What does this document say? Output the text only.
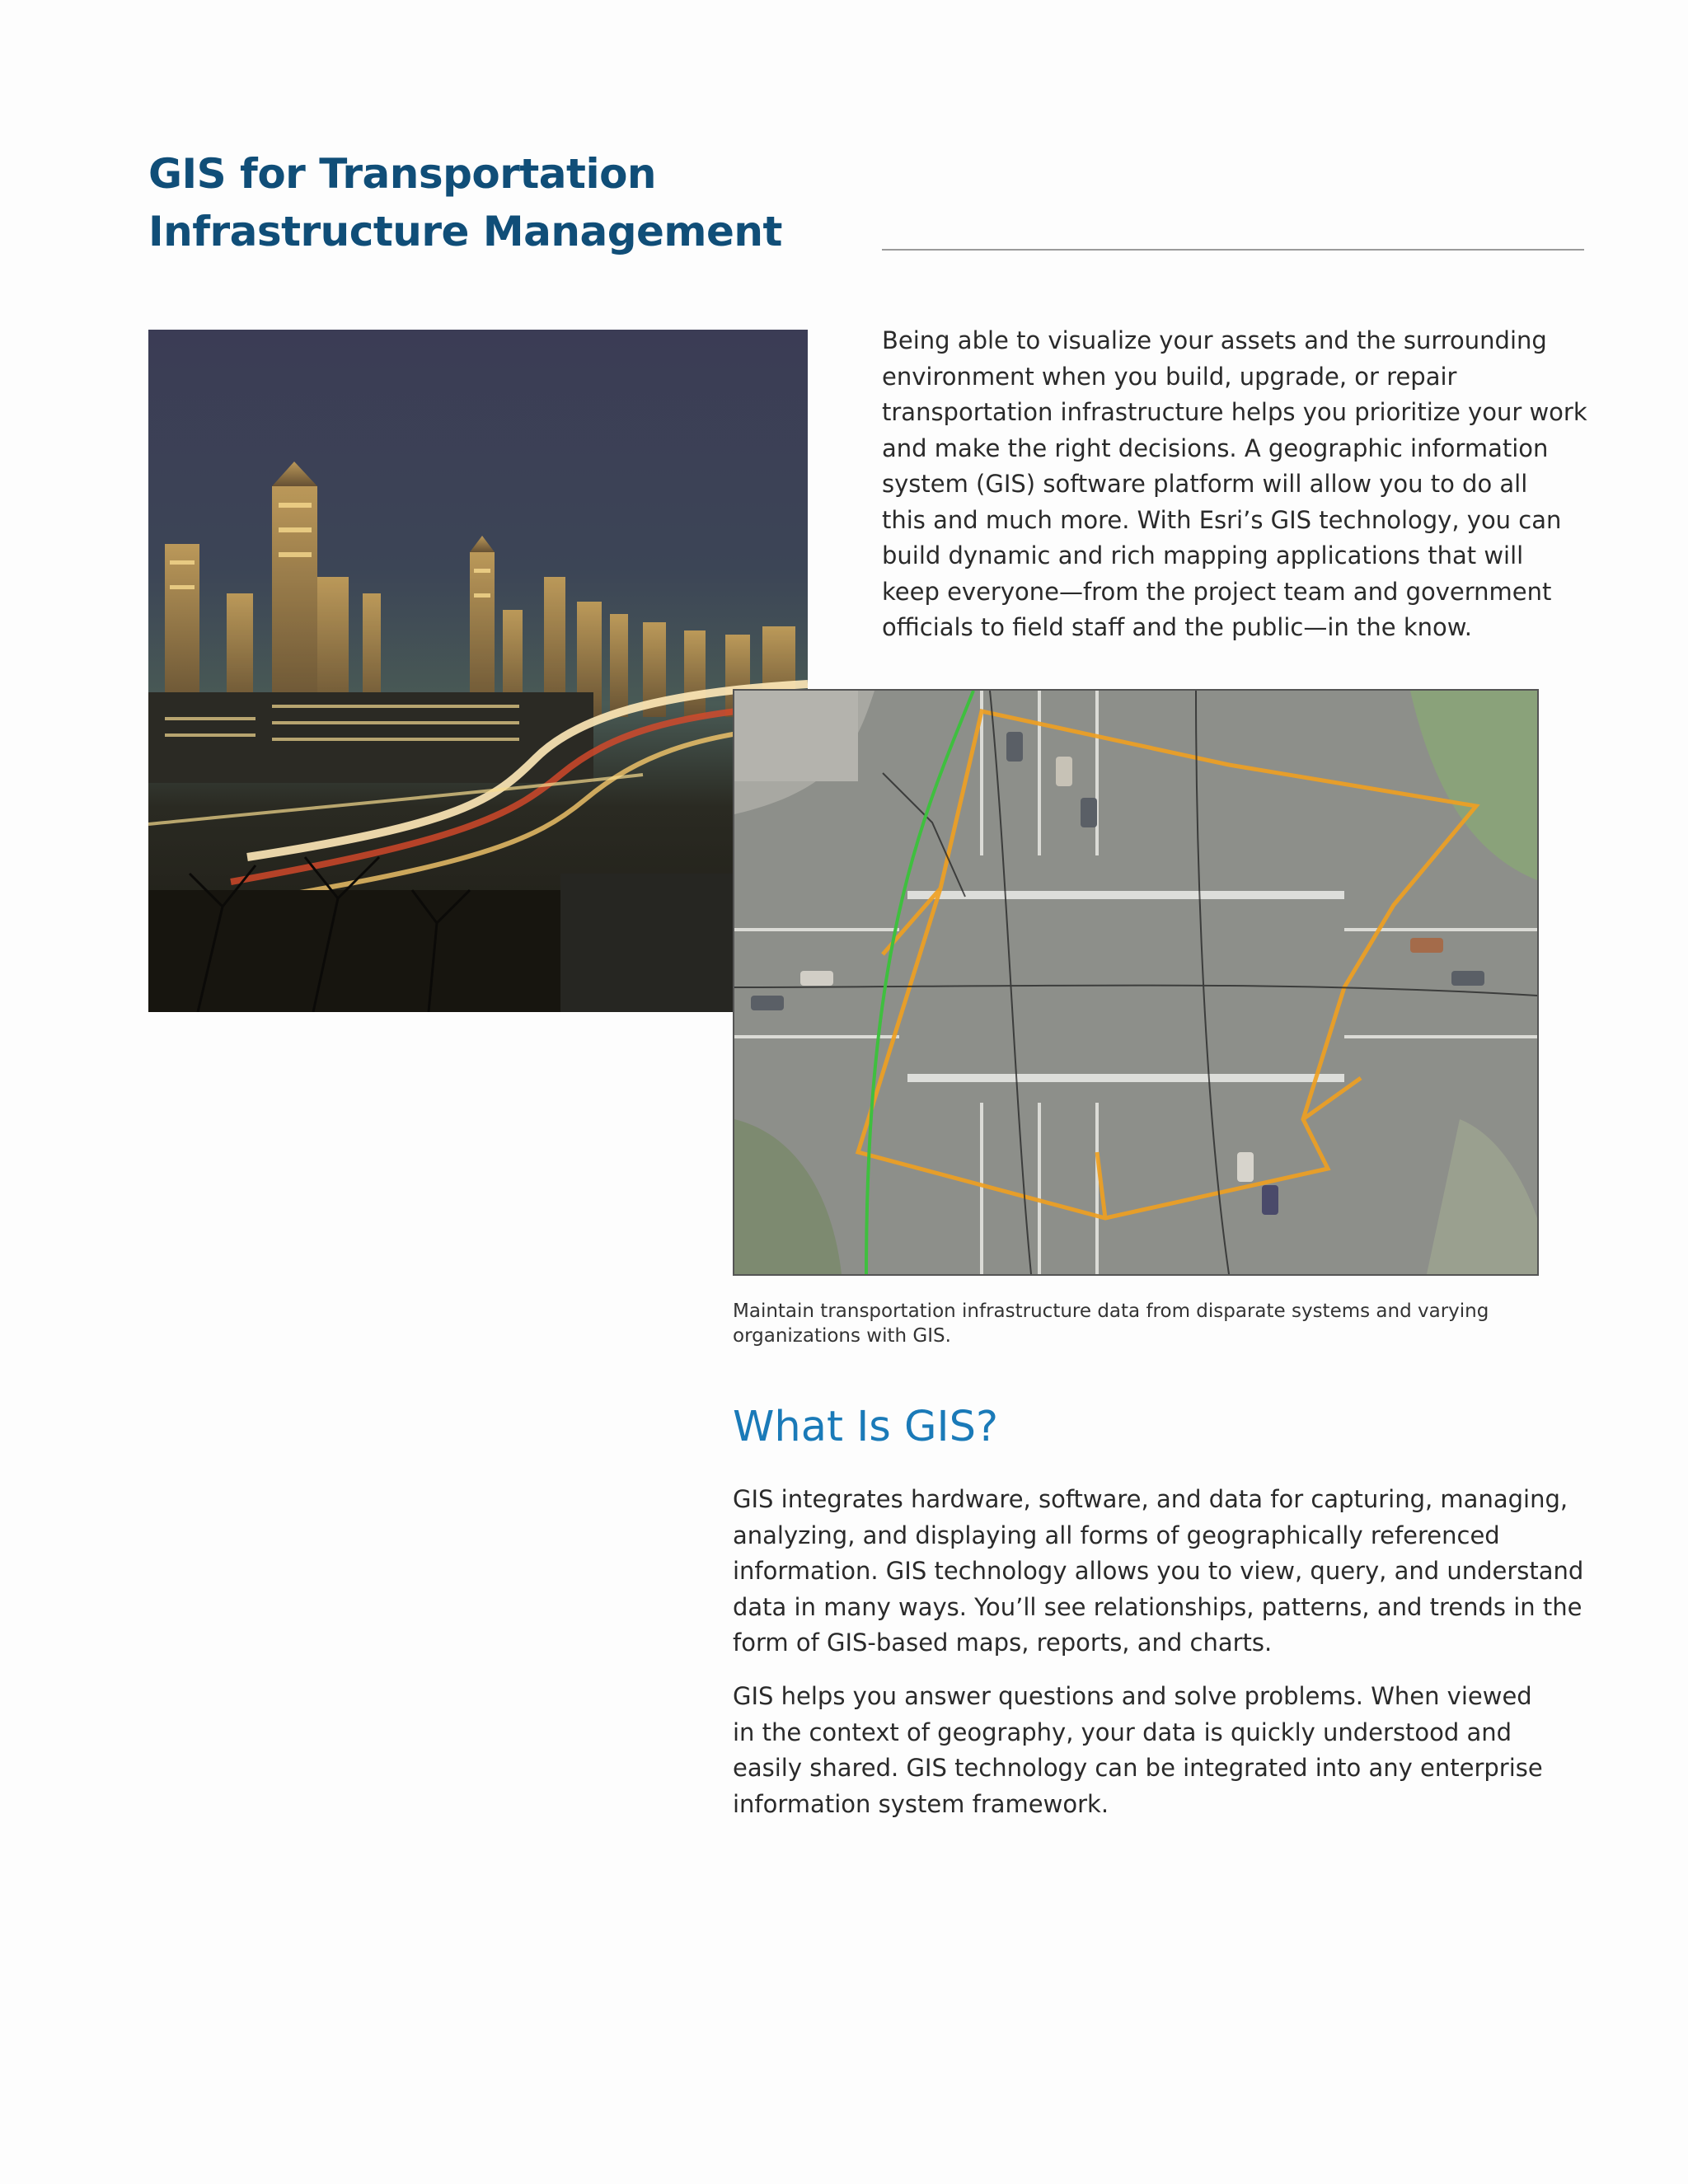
GIS for Transportation
Infrastructure Management

Being able to visualize your assets and the surrounding
environment when you build, upgrade, or repair
transportation infrastructure helps you prioritize your work
and make the right decisions. A geographic information
system (GIS) software platform will allow you to do all
this and much more. With Esri’s GIS technology, you can
build dynamic and rich mapping applications that will
keep everyone—from the project team and government
officials to field staff and the public—in the know.

Maintain transportation infrastructure data from disparate systems and varying
organizations with GIS.

What Is GIS?

GIS integrates hardware, software, and data for capturing, managing,
analyzing, and displaying all forms of geographically referenced
information. GIS technology allows you to view, query, and understand
data in many ways. You’ll see relationships, patterns, and trends in the
form of GIS-based maps, reports, and charts.

GIS helps you answer questions and solve problems. When viewed
in the context of geography, your data is quickly understood and
easily shared. GIS technology can be integrated into any enterprise
information system framework.
